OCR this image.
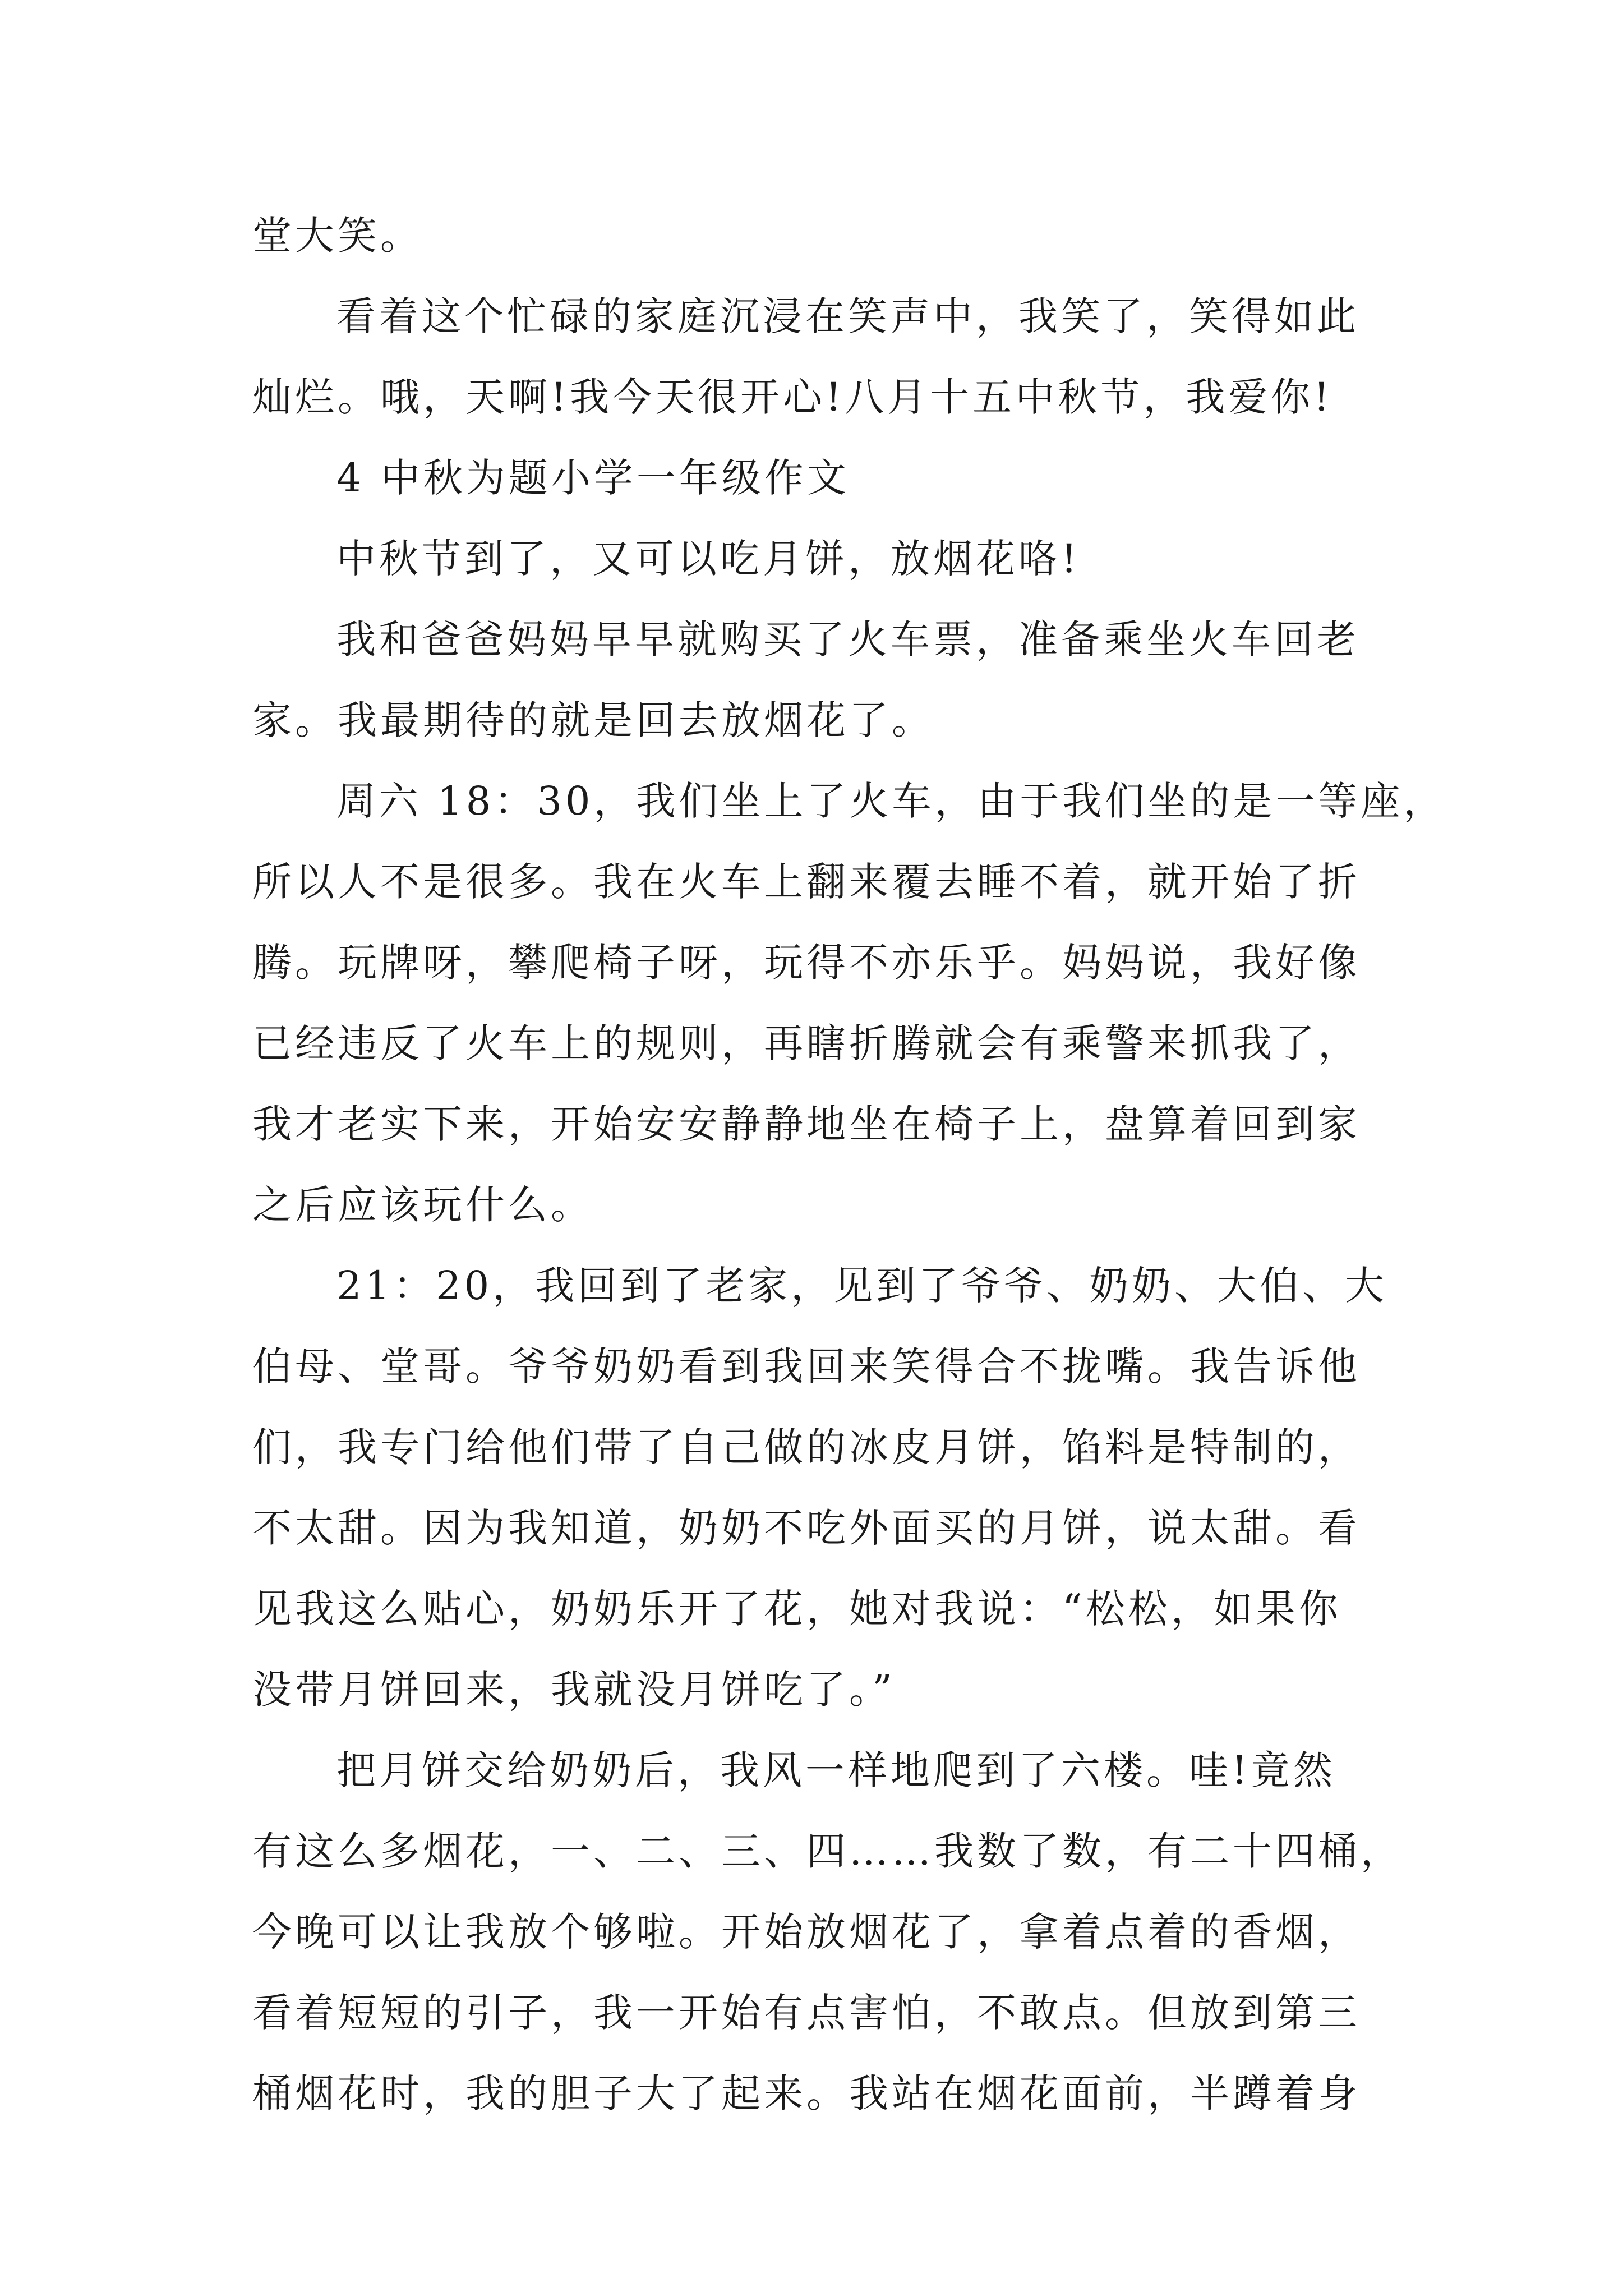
堂大笑。
看着这个忙碌的家庭沉浸在笑声中，我笑了，笑得如此
灿烂。哦，天啊!我今天很开心!八月十五中秋节，我爱你!
4 中秋为题小学一年级作文
中秋节到了，又可以吃月饼，放烟花咯!
我和爸爸妈妈早早就购买了火车票，准备乘坐火车回老
家。我最期待的就是回去放烟花了。
周六 18：30，我们坐上了火车，由于我们坐的是一等座，
所以人不是很多。我在火车上翻来覆去睡不着，就开始了折
腾。玩牌呀，攀爬椅子呀，玩得不亦乐乎。妈妈说，我好像
已经违反了火车上的规则，再瞎折腾就会有乘警来抓我了，
我才老实下来，开始安安静静地坐在椅子上，盘算着回到家
之后应该玩什么。
21：20，我回到了老家，见到了爷爷、奶奶、大伯、大
伯母、堂哥。爷爷奶奶看到我回来笑得合不拢嘴。我告诉他
们，我专门给他们带了自己做的冰皮月饼，馅料是特制的，
不太甜。因为我知道，奶奶不吃外面买的月饼，说太甜。看
见我这么贴心，奶奶乐开了花，她对我说：“松松，如果你
没带月饼回来，我就没月饼吃了。”
把月饼交给奶奶后，我风一样地爬到了六楼。哇!竟然
有这么多烟花，一、二、三、四……我数了数，有二十四桶，
今晚可以让我放个够啦。开始放烟花了，拿着点着的香烟，
看着短短的引子，我一开始有点害怕，不敢点。但放到第三
桶烟花时，我的胆子大了起来。我站在烟花面前，半蹲着身
